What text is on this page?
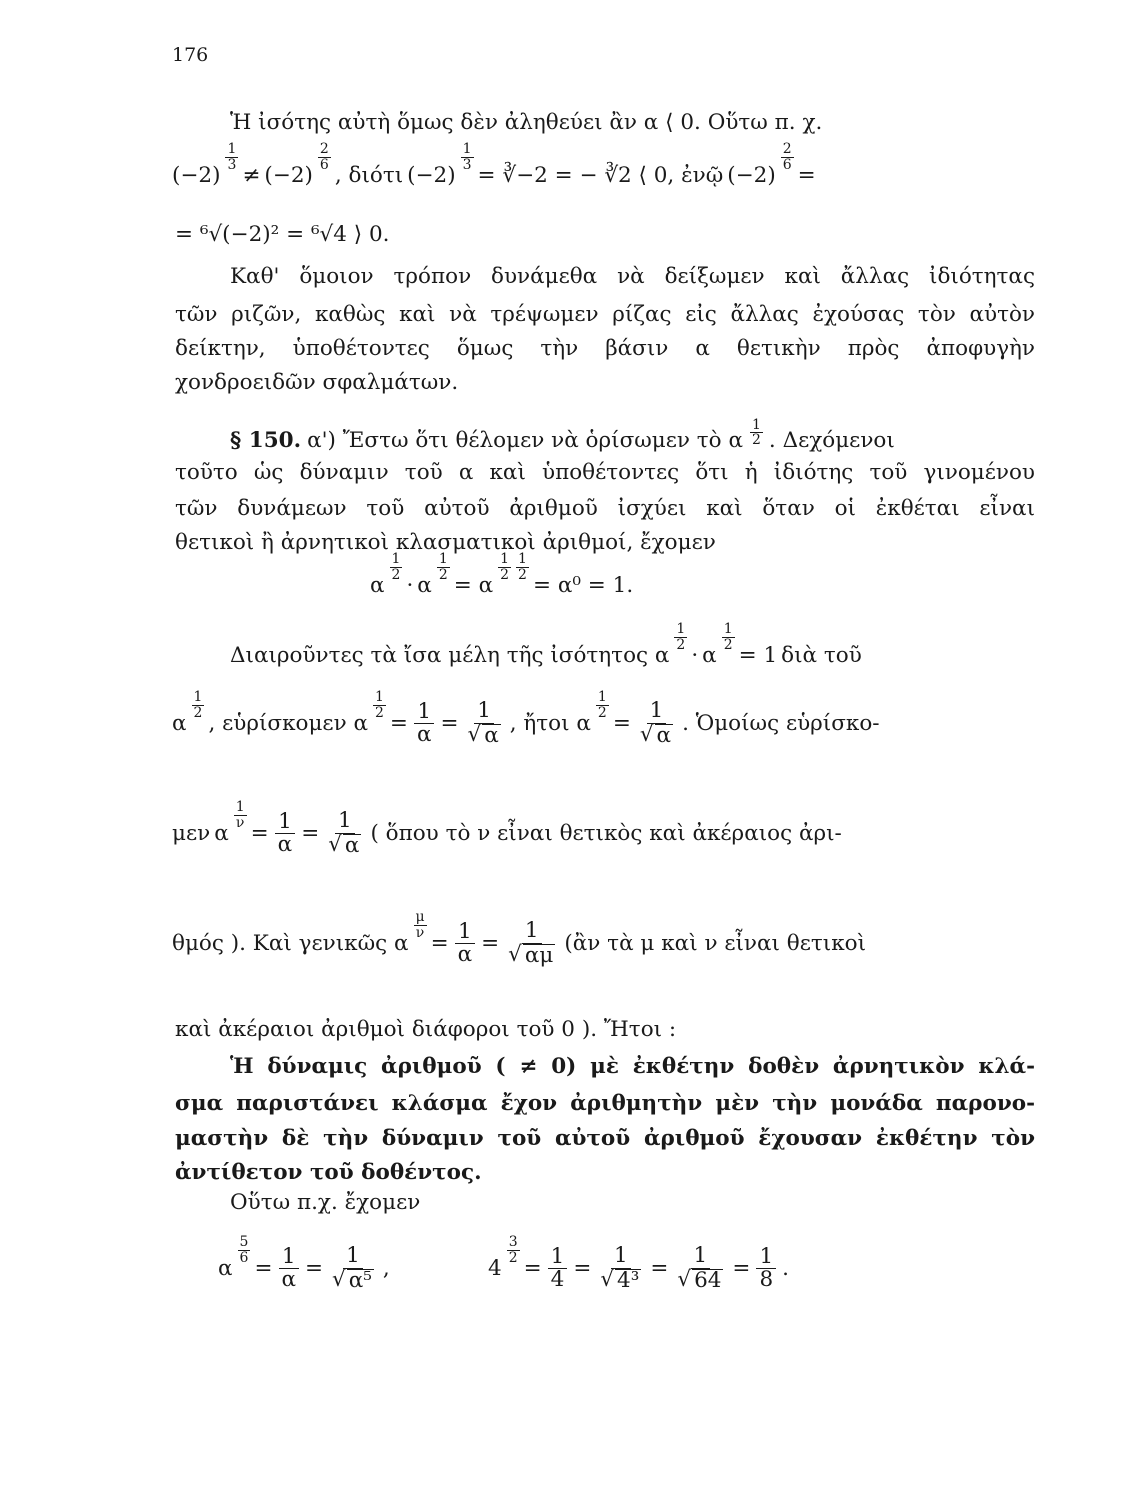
176
Ἡ ἰσότης αὐτὴ ὅμως δὲν ἀληθεύει ἂν α ⟨ 0. Οὕτω π. χ.
(−2)
1
3 ≠ (−2)
2
6 , διότι (−2)
$\frac{1}{3}$
= ∛−2 = − ∛2 ⟨ 0, ἐνῷ (−2)
$\frac{2}{6}$
=
= ⁶√(−2)² = ⁶√4 ⟩ 0.
Καθ' ὅμοιον τρόπον δυνάμεθα νὰ δείξωμεν καὶ ἄλλας ἰδιότητας
τῶν ριζῶν, καθὼς καὶ νὰ τρέψωμεν ρίζας εἰς ἄλλας ἐχούσας τὸν αὐτὸν
δείκτην, ὑποθέτοντες ὅμως τὴν βάσιν α θετικὴν πρὸς ἀποφυγὴν
χονδροειδῶν σφαλμάτων.
§ 150. α') Ἔστω ὅτι θέλομεν νὰ ὁρίσωμεν τὸ α
1
2 . Δεχόμενοι
τοῦτο ὡς δύναμιν τοῦ α καὶ ὑποθέτοντες ὅτι ἡ ἰδιότης τοῦ γινομένου
τῶν δυνάμεων τοῦ αὐτοῦ ἀριθμοῦ ἰσχύει καὶ ὅταν οἱ ἐκθέται εἶναι
θετικοὶ ἢ ἀρνητικοὶ κλασματικοὶ ἀριθμοί, ἔχομεν
α
1
2 · α
$\frac{1}{2}$
= α
1
$2 \frac{1}{2}$
= α⁰ = 1.
Διαιροῦντες τὰ ἴσα μέλη τῆς ἰσότητος α
1
2 · α
$\frac{1}{2}$
= 1 διὰ τοῦ
α
1
2 , εὑρίσκομεν α
$\frac{1}{2}$
= $\frac{1}{\alpha} = \frac{1}{√ \alpha}$ , ἤτοι α
$\frac{1}{2}$
= $\frac{1}{√ \alpha}$ . Ὁμοίως εὑρίσκο-
μεν α
$\frac{1}{\nu}$
= $\frac{1}{\alpha} = \frac{1}{√ \alpha}$ ( ὅπου τὸ ν εἶναι θετικὸς καὶ ἀκέραιος ἀρι-
θμός ). Καὶ γενικῶς α
$\frac{\mu}{\nu}$
= $\frac{1}{\alpha} = \frac{1}{√ \alpha\mu}$ (ἂν τὰ μ καὶ ν εἶναι θετικοὶ
καὶ ἀκέραιοι ἀριθμοὶ διάφοροι τοῦ 0 ). Ἤτοι :
Ἡ δύναμις ἀριθμοῦ ( ≠ 0) μὲ ἐκθέτην δοθὲν ἀρνητικὸν κλά-
σμα παριστάνει κλάσμα ἔχον ἀριθμητὴν μὲν τὴν μονάδα παρονο-
μαστὴν δὲ τὴν δύναμιν τοῦ αὐτοῦ ἀριθμοῦ ἔχουσαν ἐκθέτην τὸν
ἀντίθετον τοῦ δοθέντος.
Οὕτω π.χ. ἔχομεν
α
$\frac{5}{6}$
= $\frac{1}{\alpha} = \frac{1}{\text{√ α⁵}}$ ,	4
$\frac{3}{2}$
= $\frac{1}{4} = \frac{1}{\text{√ 4³}} = \frac{1}{√ 64} = \frac{1}{8}$ .
